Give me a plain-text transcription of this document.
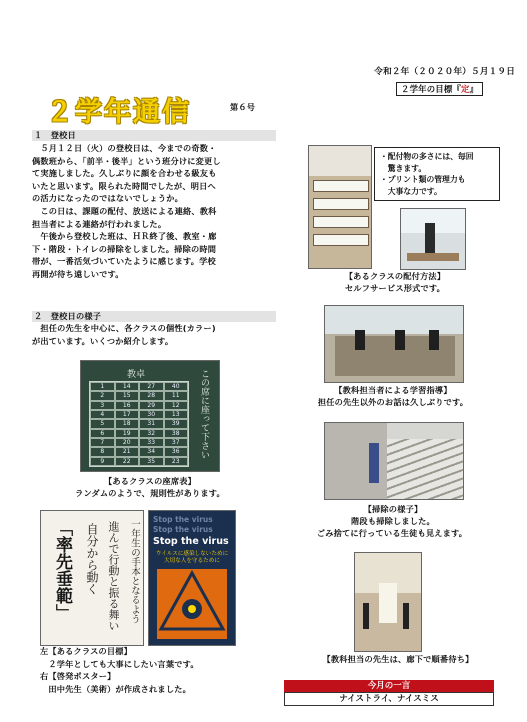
令和２年（２０２０年）５月１９日
２学年の目標『定』
２学年通信	第６号
１　登校日
　５月１２日（火）の登校日は、今までの奇数・
偶数班から、「前半・後半」という班分けに変更し
て実施しました。久しぶりに顔を合わせる級友も
いたと思います。限られた時間でしたが、明日へ
の活力になったのではないでしょうか。
　この日は、課題の配付、放送による連絡、教科
担当者による連絡が行われました。
　午後から登校した班は、ＨＲ終了後、教室・廊
下・階段・トイレの掃除をしました。掃除の時間
帯が、一番活気づいていたように感じます。学校
再開が待ち遠しいです。
２　登校日の様子
　担任の先生を中心に、各クラスの個性(カラー)
が出ています。いくつか紹介します。
教卓
1	14	27	40
2	15	28	11
3	16	29	12
4	17	30	13
5	18	31	39
6	19	32	38
7	20	33	37
8	21	34	36
9	22	35	23
この席に座って下さい
【あるクラスの座席表】
ランダムのようで、規則性があります。
「率先垂範」	自分から動く 進んで行動と振る舞い 一年生の手本となるよう Stop the virus
Stop the virus
Stop the virus
ウイルスに感染しないために大切な人を守るために
左【あるクラスの目標】
　２学年としても大事にしたい言葉です。
右【啓発ポスター】
　田中先生（美術）が作成されました。
・配付物の多さには、毎回
　驚きます。
・プリント類の管理力も
　大事な力です。
【あるクラスの配付方法】
セルフサービス形式です。
【教科担当者による学習指導】
担任の先生以外のお話は久しぶりです。
【掃除の様子】
階段も掃除しました。
ごみ捨てに行っている生徒も見えます。
【教科担当の先生は、廊下で順番待ち】
今月の一言
ナイストライ、ナイスミス
